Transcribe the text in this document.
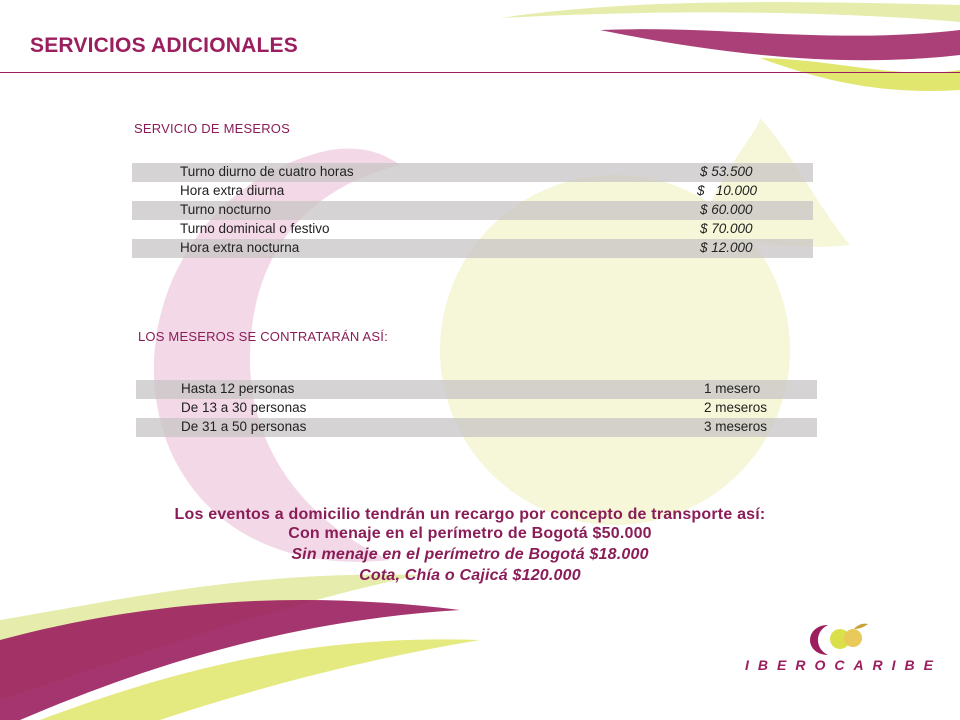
SERVICIOS ADICIONALES
SERVICIO DE MESEROS
Turno diurno de cuatro horas	$ 53.500
Hora extra diurna	$   10.000
Turno nocturno	$ 60.000
Turno dominical o festivo	$ 70.000
Hora extra nocturna	$ 12.000
LOS MESEROS SE CONTRATARÁN ASÍ:
Hasta 12 personas	1 mesero
De 13 a 30 personas	2 meseros
De 31 a 50 personas	3 meseros
Los eventos a domicilio tendrán un recargo por concepto de transporte así:
Con menaje en el perímetro de Bogotá $50.000
Sin menaje en el perímetro de Bogotá $18.000
Cota, Chía o Cajicá $120.000
IBEROCARIBE
